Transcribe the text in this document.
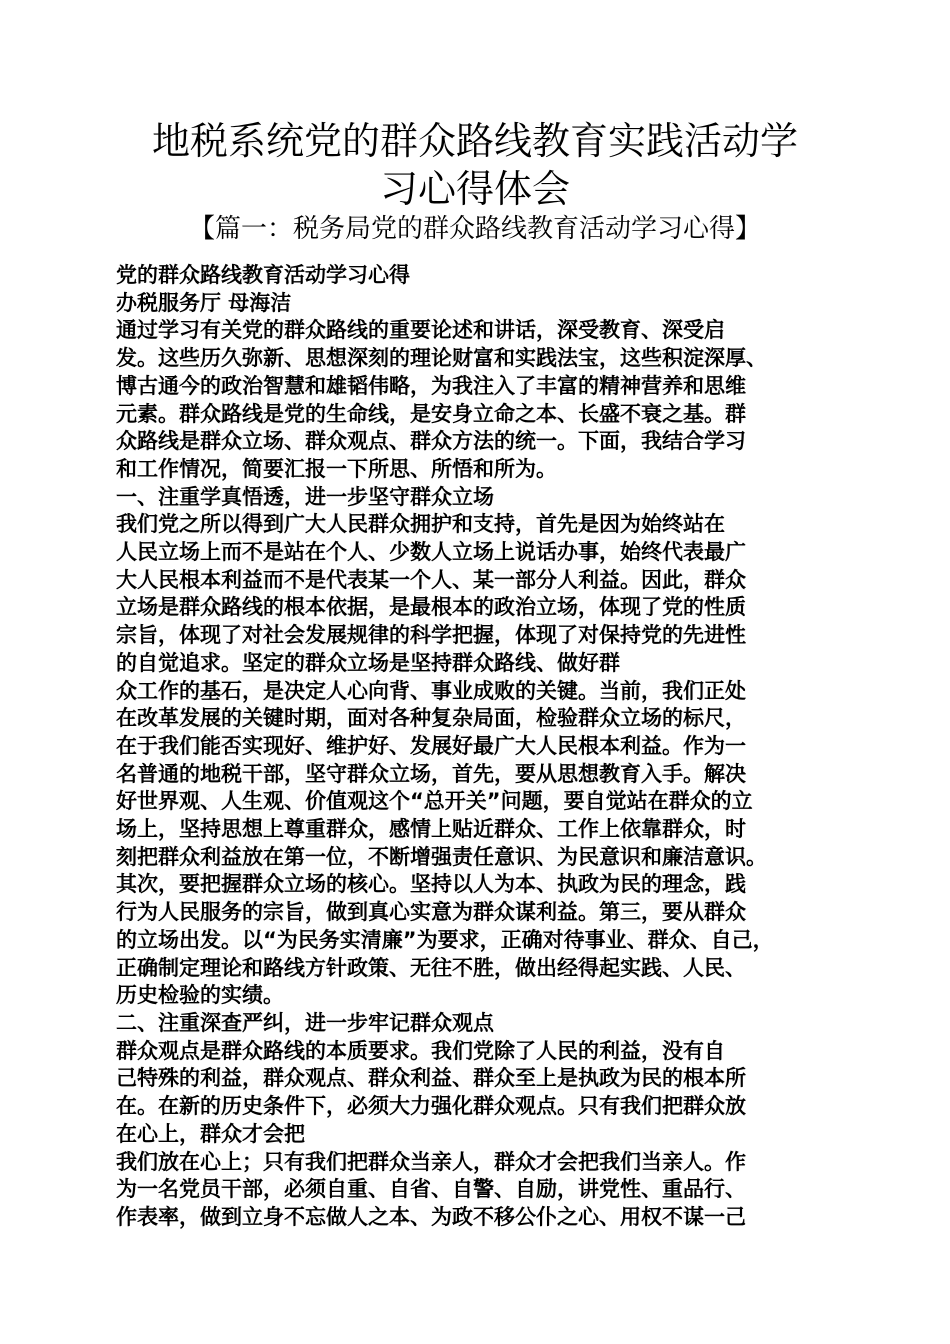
地税系统党的群众路线教育实践活动学
习心得体会
【篇一：税务局党的群众路线教育活动学习心得】
党的群众路线教育活动学习心得
办税服务厅 母海洁
通过学习有关党的群众路线的重要论述和讲话，深受教育、深受启
发。这些历久弥新、思想深刻的理论财富和实践法宝，这些积淀深厚、
博古通今的政治智慧和雄韬伟略，为我注入了丰富的精神营养和思维
元素。群众路线是党的生命线，是安身立命之本、长盛不衰之基。群
众路线是群众立场、群众观点、群众方法的统一。下面，我结合学习
和工作情况，简要汇报一下所思、所悟和所为。
一、注重学真悟透，进一步坚守群众立场
我们党之所以得到广大人民群众拥护和支持，首先是因为始终站在
人民立场上而不是站在个人、少数人立场上说话办事，始终代表最广
大人民根本利益而不是代表某一个人、某一部分人利益。因此，群众
立场是群众路线的根本依据，是最根本的政治立场，体现了党的性质
宗旨，体现了对社会发展规律的科学把握，体现了对保持党的先进性
的自觉追求。坚定的群众立场是坚持群众路线、做好群
众工作的基石，是决定人心向背、事业成败的关键。当前，我们正处
在改革发展的关键时期，面对各种复杂局面，检验群众立场的标尺，
在于我们能否实现好、维护好、发展好最广大人民根本利益。作为一
名普通的地税干部，坚守群众立场，首先，要从思想教育入手。解决
好世界观、人生观、价值观这个“总开关”问题，要自觉站在群众的立
场上，坚持思想上尊重群众，感情上贴近群众、工作上依靠群众，时
刻把群众利益放在第一位，不断增强责任意识、为民意识和廉洁意识。
其次，要把握群众立场的核心。坚持以人为本、执政为民的理念，践
行为人民服务的宗旨，做到真心实意为群众谋利益。第三，要从群众
的立场出发。以“为民务实清廉”为要求，正确对待事业、群众、自己，
正确制定理论和路线方针政策、无往不胜，做出经得起实践、人民、
历史检验的实绩。
二、注重深查严纠，进一步牢记群众观点
群众观点是群众路线的本质要求。我们党除了人民的利益，没有自
己特殊的利益，群众观点、群众利益、群众至上是执政为民的根本所
在。在新的历史条件下，必须大力强化群众观点。只有我们把群众放
在心上，群众才会把
我们放在心上；只有我们把群众当亲人，群众才会把我们当亲人。作
为一名党员干部，必须自重、自省、自警、自励，讲党性、重品行、
作表率，做到立身不忘做人之本、为政不移公仆之心、用权不谋一己
